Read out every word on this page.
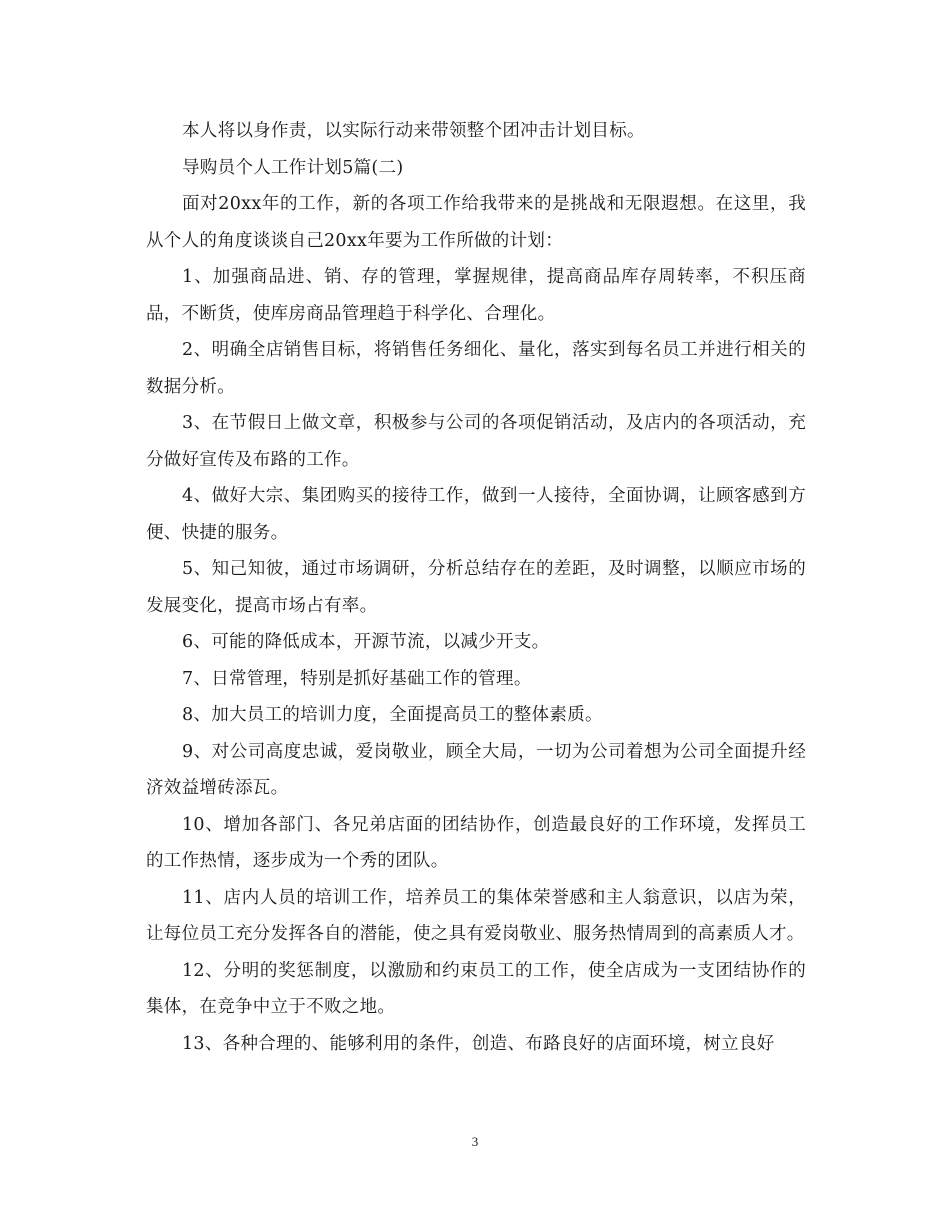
本人将以身作责，以实际行动来带领整个团冲击计划目标。

导购员个人工作计划5篇(二)

面对20xx年的工作，新的各项工作给我带来的是挑战和无限遐想。在这里，我从个人的角度谈谈自己20xx年要为工作所做的计划：

1、加强商品进、销、存的管理，掌握规律，提高商品库存周转率，不积压商品，不断货，使库房商品管理趋于科学化、合理化。

2、明确全店销售目标，将销售任务细化、量化，落实到每名员工并进行相关的数据分析。

3、在节假日上做文章，积极参与公司的各项促销活动，及店内的各项活动，充分做好宣传及布路的工作。

4、做好大宗、集团购买的接待工作，做到一人接待，全面协调，让顾客感到方便、快捷的服务。

5、知己知彼，通过市场调研，分析总结存在的差距，及时调整，以顺应市场的发展变化，提高市场占有率。

6、可能的降低成本，开源节流，以减少开支。

7、日常管理，特别是抓好基础工作的管理。

8、加大员工的培训力度，全面提高员工的整体素质。

9、对公司高度忠诚，爱岗敬业，顾全大局，一切为公司着想为公司全面提升经济效益增砖添瓦。

10、增加各部门、各兄弟店面的团结协作，创造最良好的工作环境，发挥员工的工作热情，逐步成为一个秀的团队。

11、店内人员的培训工作，培养员工的集体荣誉感和主人翁意识，以店为荣，让每位员工充分发挥各自的潜能，使之具有爱岗敬业、服务热情周到的高素质人才。

12、分明的奖惩制度，以激励和约束员工的工作，使全店成为一支团结协作的集体，在竞争中立于不败之地。

13、各种合理的、能够利用的条件，创造、布路良好的店面环境，树立良好

3
